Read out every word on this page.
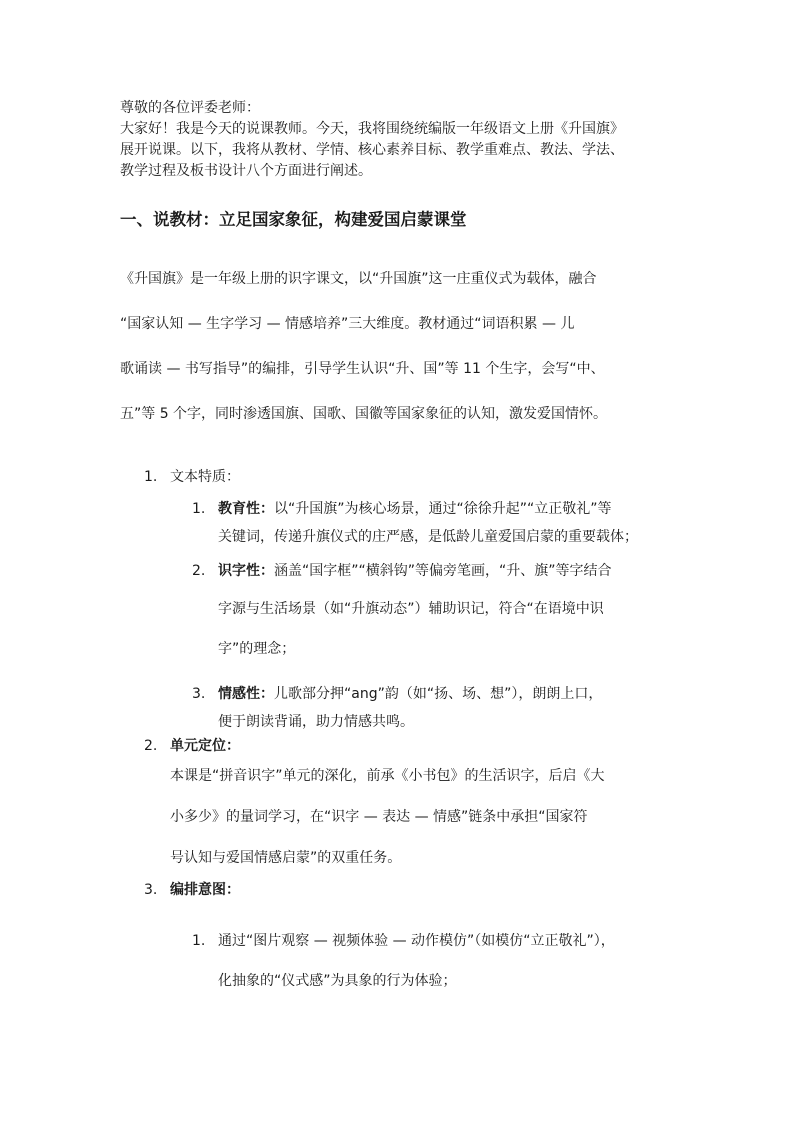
尊敬的各位评委老师：
大家好！我是今天的说课教师。今天，我将围绕统编版一年级语文上册《升国旗》
展开说课。以下，我将从教材、学情、核心素养目标、教学重难点、教法、学法、
教学过程及板书设计八个方面进行阐述。
一、说教材：立足国家象征，构建爱国启蒙课堂
《升国旗》是一年级上册的识字课文，以“升国旗”这一庄重仪式为载体，融合
“国家认知 — 生字学习 — 情感培养”三大维度。教材通过“词语积累 — 儿
歌诵读 — 书写指导”的编排，引导学生认识“升、国”等 11 个生字，会写“中、
五”等 5 个字，同时渗透国旗、国歌、国徽等国家象征的认知，激发爱国情怀。
1. 文本特质：
1. 教育性：以“升国旗”为核心场景，通过“徐徐升起”“立正敬礼”等
关键词，传递升旗仪式的庄严感，是低龄儿童爱国启蒙的重要载体；
2. 识字性：涵盖“国字框”“横斜钩”等偏旁笔画，“升、旗”等字结合
字源与生活场景（如“升旗动态”）辅助识记，符合“在语境中识
字”的理念；
3. 情感性：儿歌部分押“ang”韵（如“扬、场、想”），朗朗上口，
便于朗读背诵，助力情感共鸣。
2. 单元定位：
本课是“拼音识字”单元的深化，前承《小书包》的生活识字，后启《大
小多少》的量词学习，在“识字 — 表达 — 情感”链条中承担“国家符
号认知与爱国情感启蒙”的双重任务。
3. 编排意图：
1. 通过“图片观察 — 视频体验 — 动作模仿”（如模仿“立正敬礼”），
化抽象的“仪式感”为具象的行为体验；
